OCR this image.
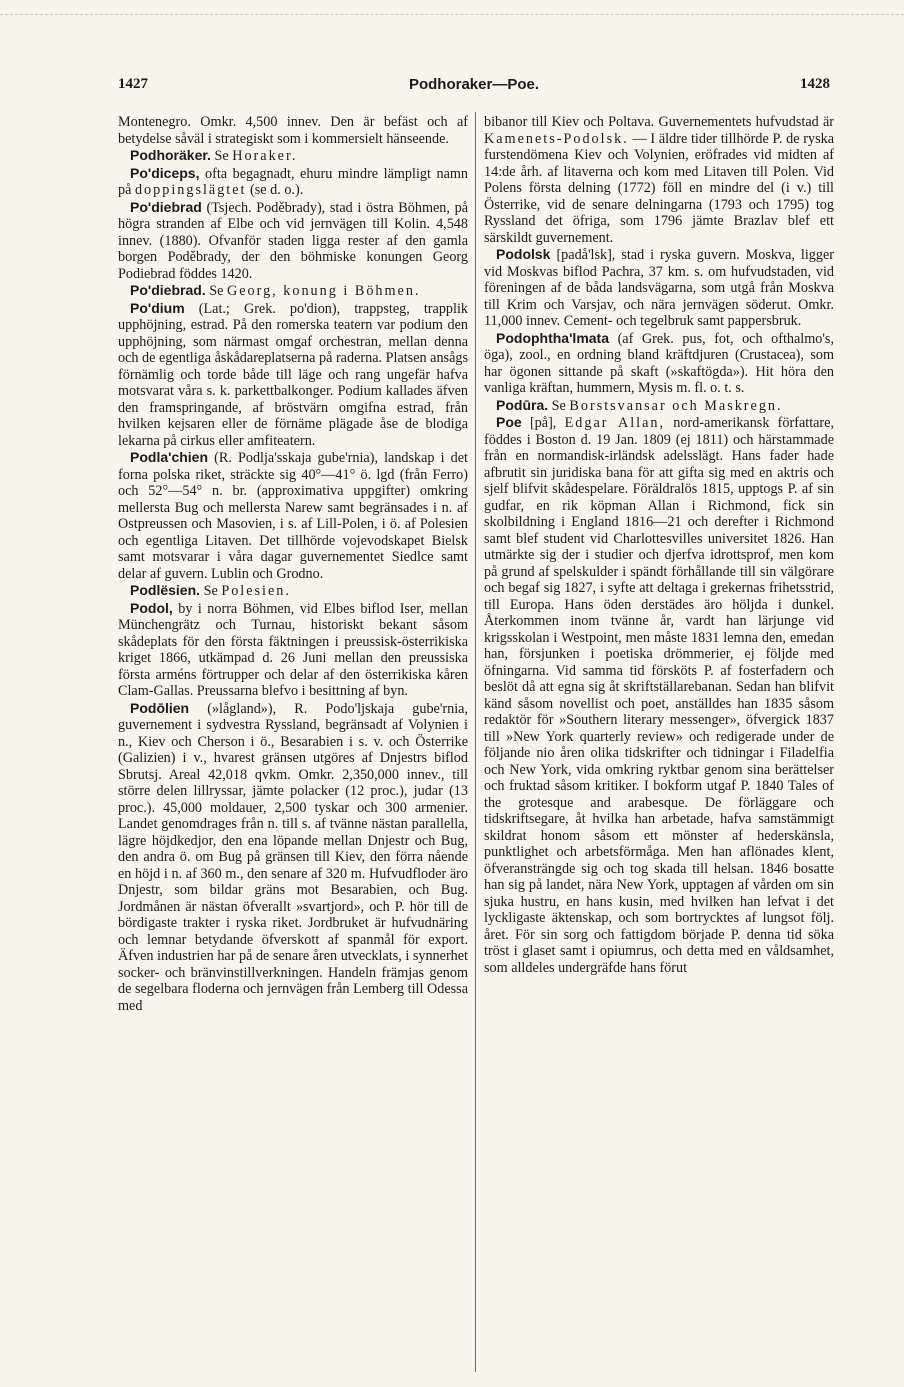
1427	Podhoraker—Poe.	1428

Montenegro. Omkr. 4,500 innev. Den är befäst och af betydelse såväl i strategiskt som i kommersielt hänseende.

Podhoräker. Se Horaker.

Po'diceps, ofta begagnadt, ehuru mindre lämpligt namn på doppingslägtet (se d. o.).

Po'diebrad (Tsjech. Poděbrady), stad i östra Böhmen, på högra stranden af Elbe och vid jernvägen till Kolin. 4,548 innev. (1880). Ofvanför staden ligga rester af den gamla borgen Poděbrady, der den böhmiske konungen Georg Podiebrad föddes 1420.

Po'diebrad. Se Georg, konung i Böhmen.

Po'dium (Lat.; Grek. po'dion), trappsteg, trapplik upphöjning, estrad. På den romerska teatern var podium den upphöjning, som närmast omgaf orchestran, mellan denna och de egentliga åskådareplatserna på raderna. Platsen ansågs förnämlig och torde både till läge och rang ungefär hafva motsvarat våra s. k. parkettbalkonger. Podium kallades äfven den framspringande, af bröstvärn omgifna estrad, från hvilken kejsaren eller de förnäme plägade åse de blodiga lekarna på cirkus eller amfiteatern.

Podla'chien (R. Podlja'sskaja gube'rnia), landskap i det forna polska riket, sträckte sig 40°—41° ö. lgd (från Ferro) och 52°—54° n. br. (approximativa uppgifter) omkring mellersta Bug och mellersta Narew samt begränsades i n. af Ostpreussen och Masovien, i s. af Lill-Polen, i ö. af Polesien och egentliga Litaven. Det tillhörde vojevodskapet Bielsk samt motsvarar i våra dagar guvernementet Siedlce samt delar af guvern. Lublin och Grodno.

Podlësien. Se Polesien.

Podol, by i norra Böhmen, vid Elbes biflod Iser, mellan Münchengrätz och Turnau, historiskt bekant såsom skådeplats för den första fäktningen i preussisk-österrikiska kriget 1866, utkämpad d. 26 Juni mellan den preussiska första arméns förtrupper och delar af den österrikiska kåren Clam-Gallas. Preussarna blefvo i besittning af byn.

Podōlien (»lågland»), R. Podo'ljskaja gube'rnia, guvernement i sydvestra Ryssland, begränsadt af Volynien i n., Kiev och Cherson i ö., Besarabien i s. v. och Österrike (Galizien) i v., hvarest gränsen utgöres af Dnjestrs biflod Sbrutsj. Areal 42,018 qvkm. Omkr. 2,350,000 innev., till större delen lillryssar, jämte polacker (12 proc.), judar (13 proc.). 45,000 moldauer, 2,500 tyskar och 300 armenier. Landet genomdrages från n. till s. af tvänne nästan parallella, lägre höjdkedjor, den ena löpande mellan Dnjestr och Bug, den andra ö. om Bug på gränsen till Kiev, den förra nående en höjd i n. af 360 m., den senare af 320 m. Hufvudfloder äro Dnjestr, som bildar gräns mot Besarabien, och Bug. Jordmånen är nästan öfverallt »svartjord», och P. hör till de bördigaste trakter i ryska riket. Jordbruket är hufvudnäring och lemnar betydande öfverskott af spanmål för export. Äfven industrien har på de senare åren utvecklats, i synnerhet socker- och bränvinstillverkningen. Handeln främjas genom de segelbara floderna och jernvägen från Lemberg till Odessa med

bibanor till Kiev och Poltava. Guvernementets hufvudstad är Kamenets-Podolsk. — I äldre tider tillhörde P. de ryska furstendömena Kiev och Volynien, eröfrades vid midten af 14:de årh. af litaverna och kom med Litaven till Polen. Vid Polens första delning (1772) föll en mindre del (i v.) till Österrike, vid de senare delningarna (1793 och 1795) tog Ryssland det öfriga, som 1796 jämte Brazlav blef ett särskildt guvernement.

Podolsk [padå'lsk], stad i ryska guvern. Moskva, ligger vid Moskvas biflod Pachra, 37 km. s. om hufvudstaden, vid föreningen af de båda landsvägarna, som utgå från Moskva till Krim och Varsjav, och nära jernvägen söderut. Omkr. 11,000 innev. Cement- och tegelbruk samt pappersbruk.

Podophtha'lmata (af Grek. pus, fot, och ofthalmo's, öga), zool., en ordning bland kräftdjuren (Crustacea), som har ögonen sittande på skaft (»skaftögda»). Hit höra den vanliga kräftan, hummern, Mysis m. fl. o. t. s.

Podūra. Se Borstsvansar och Maskregn.

Poe [på], Edgar Allan, nord-amerikansk författare, föddes i Boston d. 19 Jan. 1809 (ej 1811) och härstammade från en normandisk-irländsk adelsslägt. Hans fader hade afbrutit sin juridiska bana för att gifta sig med en aktris och sjelf blifvit skådespelare. Föräldralös 1815, upptogs P. af sin gudfar, en rik köpman Allan i Richmond, fick sin skolbildning i England 1816—21 och derefter i Richmond samt blef student vid Charlottesvilles universitet 1826. Han utmärkte sig der i studier och djerfva idrottsprof, men kom på grund af spelskulder i spändt förhållande till sin välgörare och begaf sig 1827, i syfte att deltaga i grekernas frihetsstrid, till Europa. Hans öden derstädes äro höljda i dunkel. Återkommen inom tvänne år, vardt han lärjunge vid krigsskolan i Westpoint, men måste 1831 lemna den, emedan han, försjunken i poetiska drömmerier, ej följde med öfningarna. Vid samma tid försköts P. af fosterfadern och beslöt då att egna sig åt skriftställarebanan. Sedan han blifvit känd såsom novellist och poet, anställdes han 1835 såsom redaktör för »Southern literary messenger», öfvergick 1837 till »New York quarterly review» och redigerade under de följande nio åren olika tidskrifter och tidningar i Filadelfia och New York, vida omkring ryktbar genom sina berättelser och fruktad såsom kritiker. I bokform utgaf P. 1840 Tales of the grotesque and arabesque. De förläggare och tidskriftsegare, åt hvilka han arbetade, hafva samstämmigt skildrat honom såsom ett mönster af hederskänsla, punktlighet och arbetsförmåga. Men han aflönades klent, öfveransträngde sig och tog skada till helsan. 1846 bosatte han sig på landet, nära New York, upptagen af vården om sin sjuka hustru, en hans kusin, med hvilken han lefvat i det lyckligaste äktenskap, och som bortrycktes af lungsot följ. året. För sin sorg och fattigdom började P. denna tid söka tröst i glaset samt i opiumrus, och detta med en våldsamhet, som alldeles undergräfde hans förut
